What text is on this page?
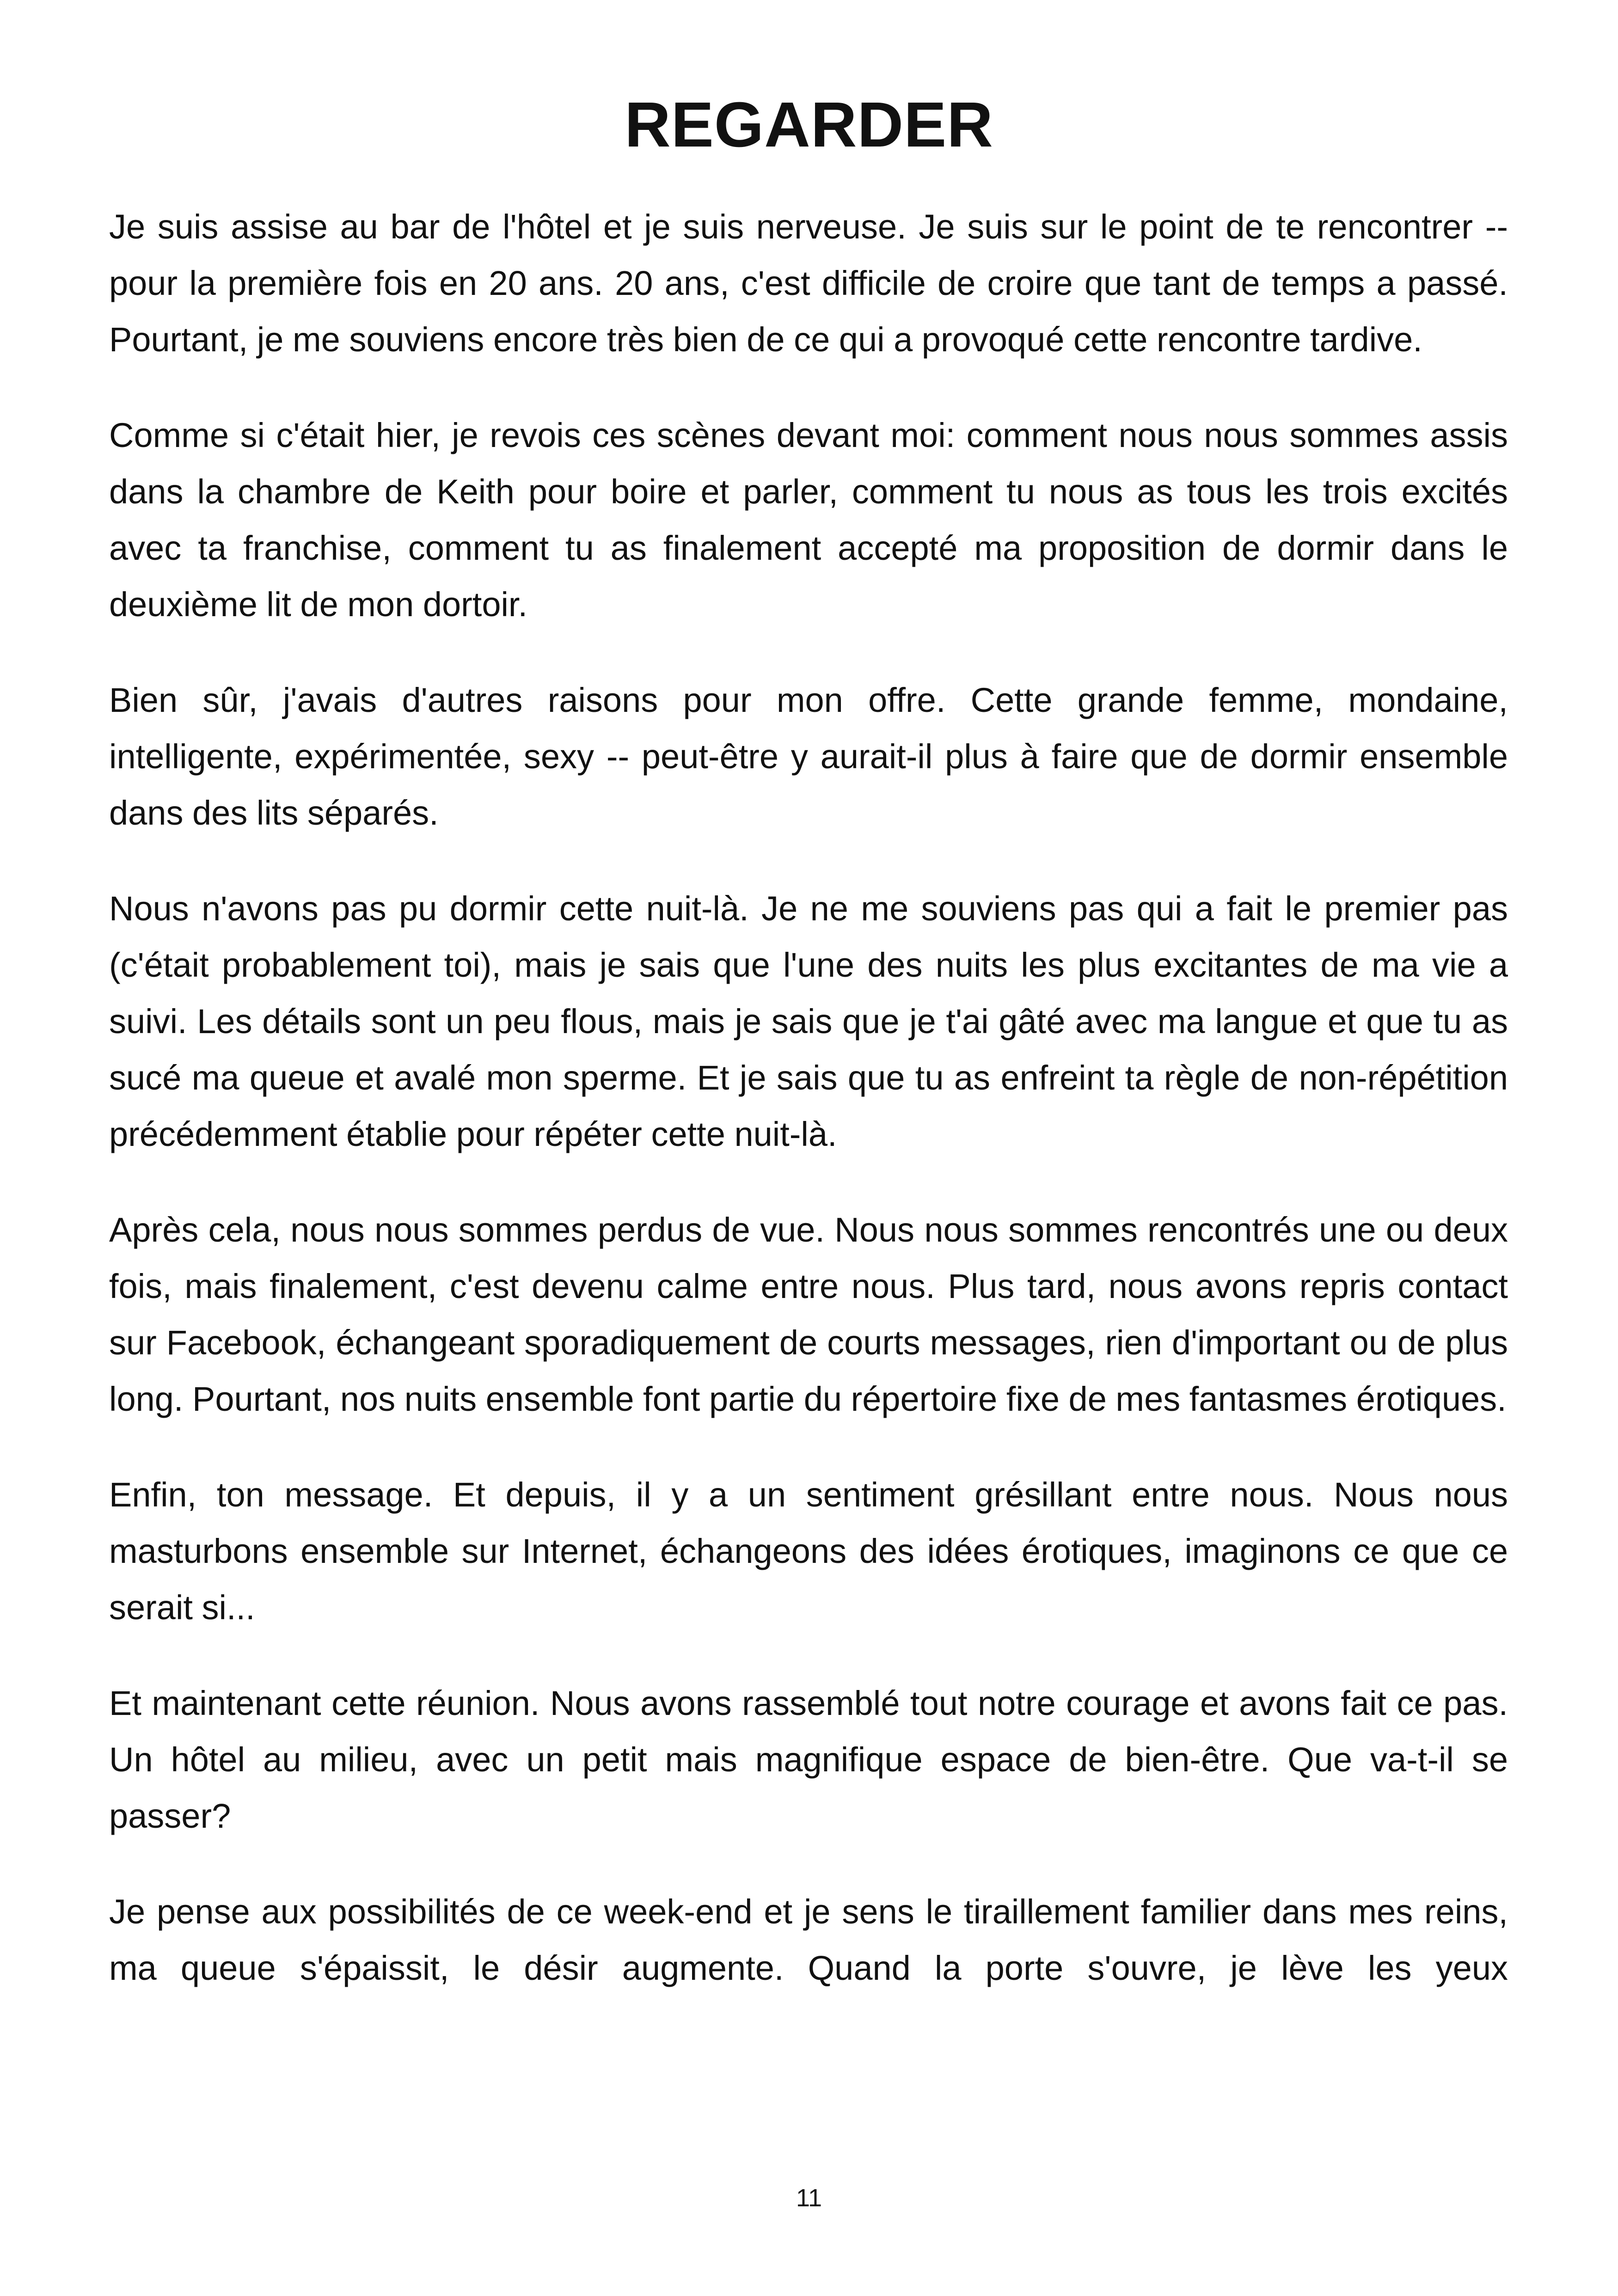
REGARDER

Je suis assise au bar de l'hôtel et je suis nerveuse. Je suis sur le point de te rencontrer -- pour la première fois en 20 ans. 20 ans, c'est difficile de croire que tant de temps a passé. Pourtant, je me souviens encore très bien de ce qui a provoqué cette rencontre tardive.

Comme si c'était hier, je revois ces scènes devant moi: comment nous nous sommes assis dans la chambre de Keith pour boire et parler, comment tu nous as tous les trois excités avec ta franchise, comment tu as finalement accepté ma proposition de dormir dans le deuxième lit de mon dortoir.

Bien sûr, j'avais d'autres raisons pour mon offre. Cette grande femme, mondaine, intelligente, expérimentée, sexy -- peut-être y aurait-il plus à faire que de dormir ensemble dans des lits séparés.

Nous n'avons pas pu dormir cette nuit-là. Je ne me souviens pas qui a fait le premier pas (c'était probablement toi), mais je sais que l'une des nuits les plus excitantes de ma vie a suivi. Les détails sont un peu flous, mais je sais que je t'ai gâté avec ma langue et que tu as sucé ma queue et avalé mon sperme. Et je sais que tu as enfreint ta règle de non-répétition précédemment établie pour répéter cette nuit-là.

Après cela, nous nous sommes perdus de vue. Nous nous sommes rencontrés une ou deux fois, mais finalement, c'est devenu calme entre nous. Plus tard, nous avons repris contact sur Facebook, échangeant sporadiquement de courts messages, rien d'important ou de plus long. Pourtant, nos nuits ensemble font partie du répertoire fixe de mes fantasmes érotiques.

Enfin, ton message. Et depuis, il y a un sentiment grésillant entre nous. Nous nous masturbons ensemble sur Internet, échangeons des idées érotiques, imaginons ce que ce serait si...

Et maintenant cette réunion. Nous avons rassemblé tout notre courage et avons fait ce pas. Un hôtel au milieu, avec un petit mais magnifique espace de bien-être. Que va-t-il se passer?

Je pense aux possibilités de ce week-end et je sens le tiraillement familier dans mes reins, ma queue s'épaissit, le désir augmente. Quand la porte s'ouvre, je lève les yeux

11
